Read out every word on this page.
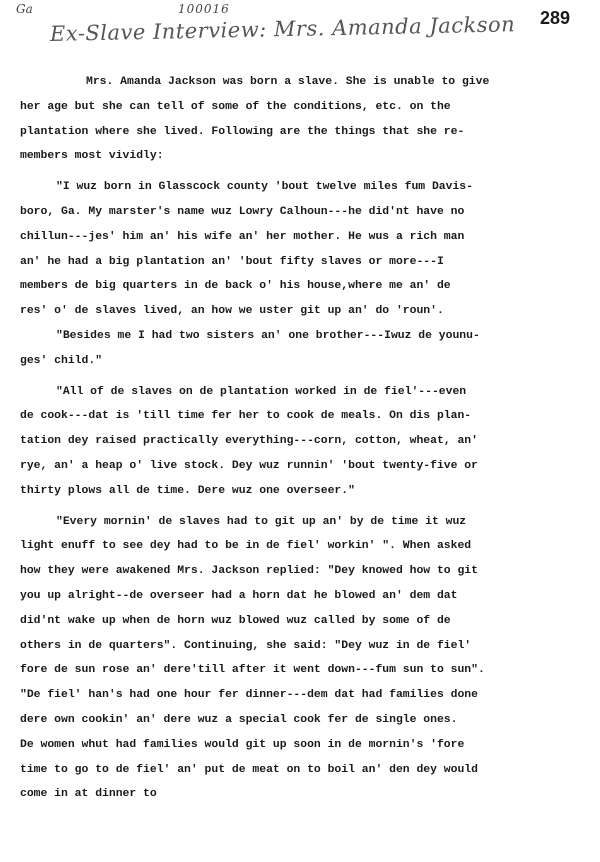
Ga	100016	289
Ex-Slave Interview: Mrs. Amanda Jackson
Mrs. Amanda Jackson was born a slave. She is unable to give
her age but she can tell of some of the conditions, etc. on the
plantation where she lived. Following are the things that she re-
members most vividly:
"I wuz born in Glasscock county 'bout twelve miles fum Davis-
boro, Ga. My marster's name wuz Lowry Calhoun---he did'nt have no
chillun---jes' him an' his wife an' her mother. He wus a rich man
an' he had a big plantation an' 'bout fifty slaves or more---I
members de big quarters in de back o' his house,where me an' de
res' o' de slaves lived, an how we uster git up an' do 'roun'.
"Besides me I had two sisters an' one brother---Iwuz de younu-
ges' child."
"All of de slaves on de plantation worked in de fiel'---even
de cook---dat is 'till time fer her to cook de meals. On dis plan-
tation dey raised practically everything---corn, cotton, wheat, an'
rye, an' a heap o' live stock. Dey wuz runnin' 'bout twenty-five or
thirty plows all de time. Dere wuz one overseer."
"Every mornin' de slaves had to git up an' by de time it wuz
light enuff to see dey had to be in de fiel' workin' ". When asked
how they were awakened Mrs. Jackson replied: "Dey knowed how to git
you up alright--de overseer had a horn dat he blowed an' dem dat
did'nt wake up when de horn wuz blowed wuz called by some of de
others in de quarters". Continuing, she said: "Dey wuz in de fiel'
fore de sun rose an' dere'till after it went down---fum sun to sun".
"De fiel' han's had one hour fer dinner---dem dat had families done
dere own cookin' an' dere wuz a special cook fer de single ones.
De women whut had families would git up soon in de mornin's 'fore
time to go to de fiel' an' put de meat on to boil an' den dey would
come in at dinner to
